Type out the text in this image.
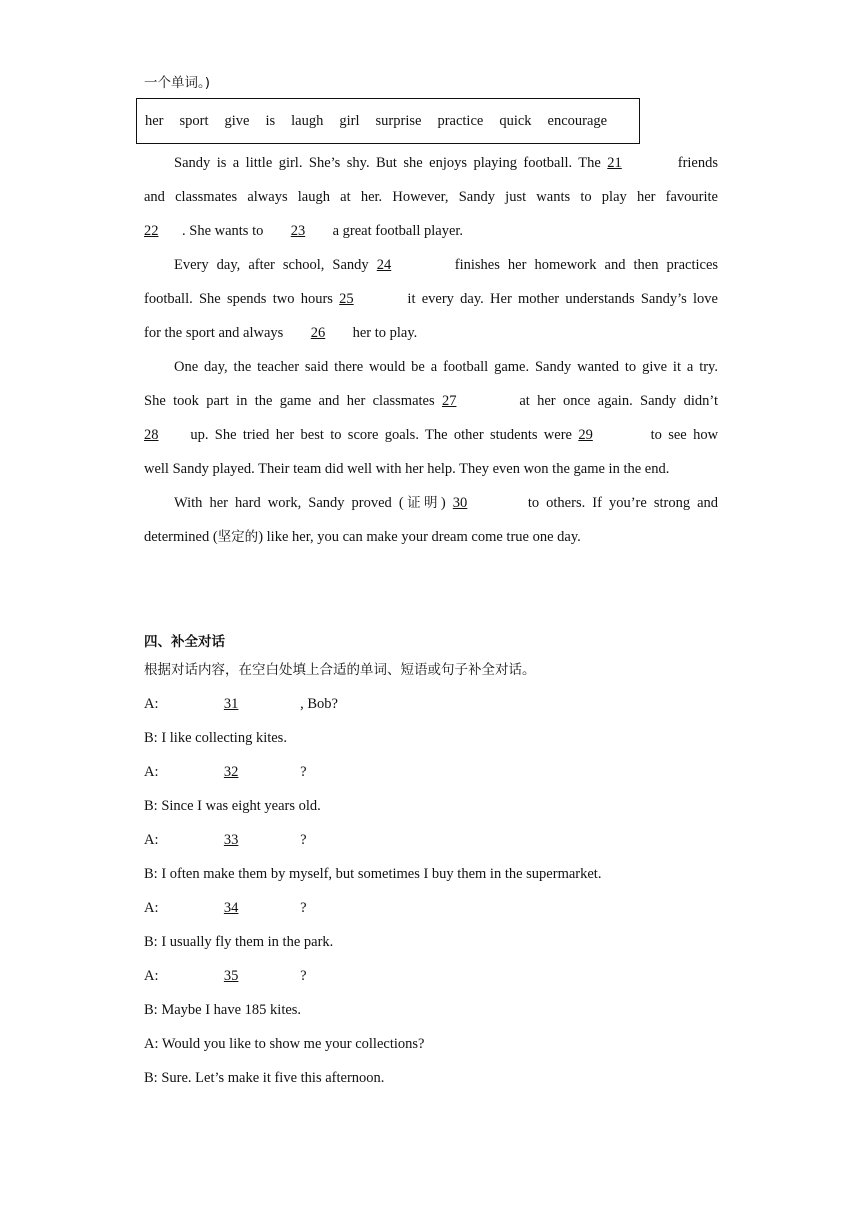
一个单词。)
her sport give is laugh girl surprise practice quick encourage
Sandy is a little girl. She’s shy. But she enjoys playing football. The 21	friends
and classmates always laugh at her. However, Sandy just wants to play her favourite
22 . She wants to 23 a great football player.
Every day, after school, Sandy 24	finishes her homework and then practices
football. She spends two hours 25	it every day. Her mother understands Sandy’s love
for the sport and always 26 her to play.
One day, the teacher said there would be a football game. Sandy wanted to give it a try.
She took part in the game and her classmates 27	at her once again. Sandy didn’t
28 up. She tried her best to score goals. The other students were 29	to see how
well Sandy played. Their team did well with her help. They even won the game in the end.
With her hard work, Sandy proved (证明) 30	to others. If you’re strong and
determined (坚定的) like her, you can make your dream come true one day.
四、补全对话
根据对话内容，在空白处填上合适的单词、短语或句子补全对话。
A:	31	, Bob?
B: I like collecting kites.
A:	32	?
B: Since I was eight years old.
A:	33	?
B: I often make them by myself, but sometimes I buy them in the supermarket.
A:	34	?
B: I usually fly them in the park.
A:	35	?
B: Maybe I have 185 kites.
A: Would you like to show me your collections?
B: Sure. Let’s make it five this afternoon.
